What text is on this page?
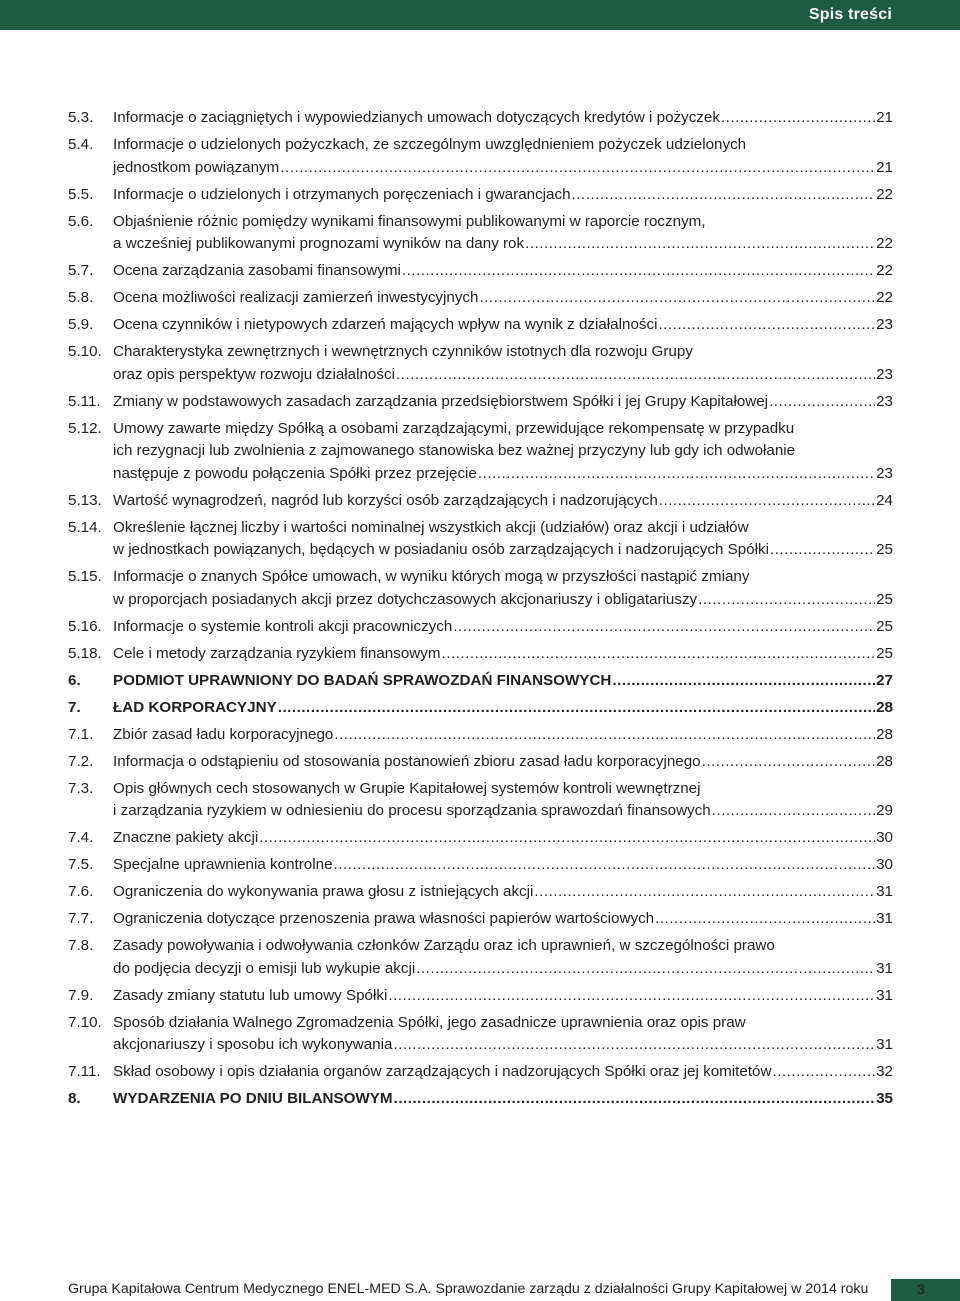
Spis treści
5.3.	Informacje o zaciągniętych i wypowiedzianych umowach dotyczących kredytów i pożyczek .....	21
5.4.	Informacje o udzielonych pożyczkach, ze szczególnym uwzględnieniem pożyczek udzielonych
jednostkom powiązanym .....	21
5.5.	Informacje o udzielonych i otrzymanych poręczeniach i gwarancjach .....	22
5.6.	Objaśnienie różnic pomiędzy wynikami finansowymi publikowanymi w raporcie rocznym,
a wcześniej publikowanymi prognozami wyników na dany rok .....	22
5.7.	Ocena zarządzania zasobami finansowymi .....	22
5.8.	Ocena możliwości realizacji zamierzeń inwestycyjnych .....	22
5.9.	Ocena czynników i nietypowych zdarzeń mających wpływ na wynik z działalności .....	23
5.10. Charakterystyka zewnętrznych i wewnętrznych czynników istotnych dla rozwoju Grupy
oraz opis perspektyw rozwoju działalności .....	23
5.11. Zmiany w podstawowych zasadach zarządzania przedsiębiorstwem Spółki i jej Grupy Kapitałowej .....	23
5.12. Umowy zawarte między Spółką a osobami zarządzającymi, przewidujące rekompensatę w przypadku
ich rezygnacji lub zwolnienia z zajmowanego stanowiska bez ważnej przyczyny lub gdy ich odwołanie
następuje z powodu połączenia Spółki przez przejęcie .....	23
5.13. Wartość wynagrodzeń, nagród lub korzyści osób zarządzających i nadzorujących .....	24
5.14. Określenie łącznej liczby i wartości nominalnej wszystkich akcji (udziałów) oraz akcji i udziałów
w jednostkach powiązanych, będących w posiadaniu osób zarządzających i nadzorujących Spółki .....	25
5.15. Informacje o znanych Spółce umowach, w wyniku których mogą w przyszłości nastąpić zmiany
w proporcjach posiadanych akcji przez dotychczasowych akcjonariuszy i obligatariuszy .....	25
5.16. Informacje o systemie kontroli akcji pracowniczych .....	25
5.18. Cele i metody zarządzania ryzykiem finansowym .....	25
6.	PODMIOT UPRAWNIONY DO BADAŃ SPRAWOZDAŃ FINANSOWYCH .....	27
7.	ŁAD KORPORACYJNY .....	28
7.1.	Zbiór zasad ładu korporacyjnego .....	28
7.2.	Informacja o odstąpieniu od stosowania postanowień zbioru zasad ładu korporacyjnego .....	28
7.3.	Opis głównych cech stosowanych w Grupie Kapitałowej systemów kontroli wewnętrznej
i zarządzania ryzykiem w odniesieniu do procesu sporządzania sprawozdań finansowych .....	29
7.4.	Znaczne pakiety akcji .....	30
7.5.	Specjalne uprawnienia kontrolne .....	30
7.6.	Ograniczenia do wykonywania prawa głosu z istniejących akcji .....	31
7.7.	Ograniczenia dotyczące przenoszenia prawa własności papierów wartościowych .....	31
7.8.	Zasady powoływania i odwoływania członków Zarządu oraz ich uprawnień, w szczególności prawo
do podjęcia decyzji o emisji lub wykupie akcji .....	31
7.9.	Zasady zmiany statutu lub umowy Spółki .....	31
7.10. Sposób działania Walnego Zgromadzenia Spółki, jego zasadnicze uprawnienia oraz opis praw
akcjonariuszy i sposobu ich wykonywania .....	31
7.11. Skład osobowy i opis działania organów zarządzających i nadzorujących Spółki oraz jej komitetów .....	32
8.	WYDARZENIA PO DNIU BILANSOWYM .....	35
Grupa Kapitałowa Centrum Medycznego ENEL-MED S.A. Sprawozdanie zarządu z działalności Grupy Kapitałowej w 2014 roku	3
